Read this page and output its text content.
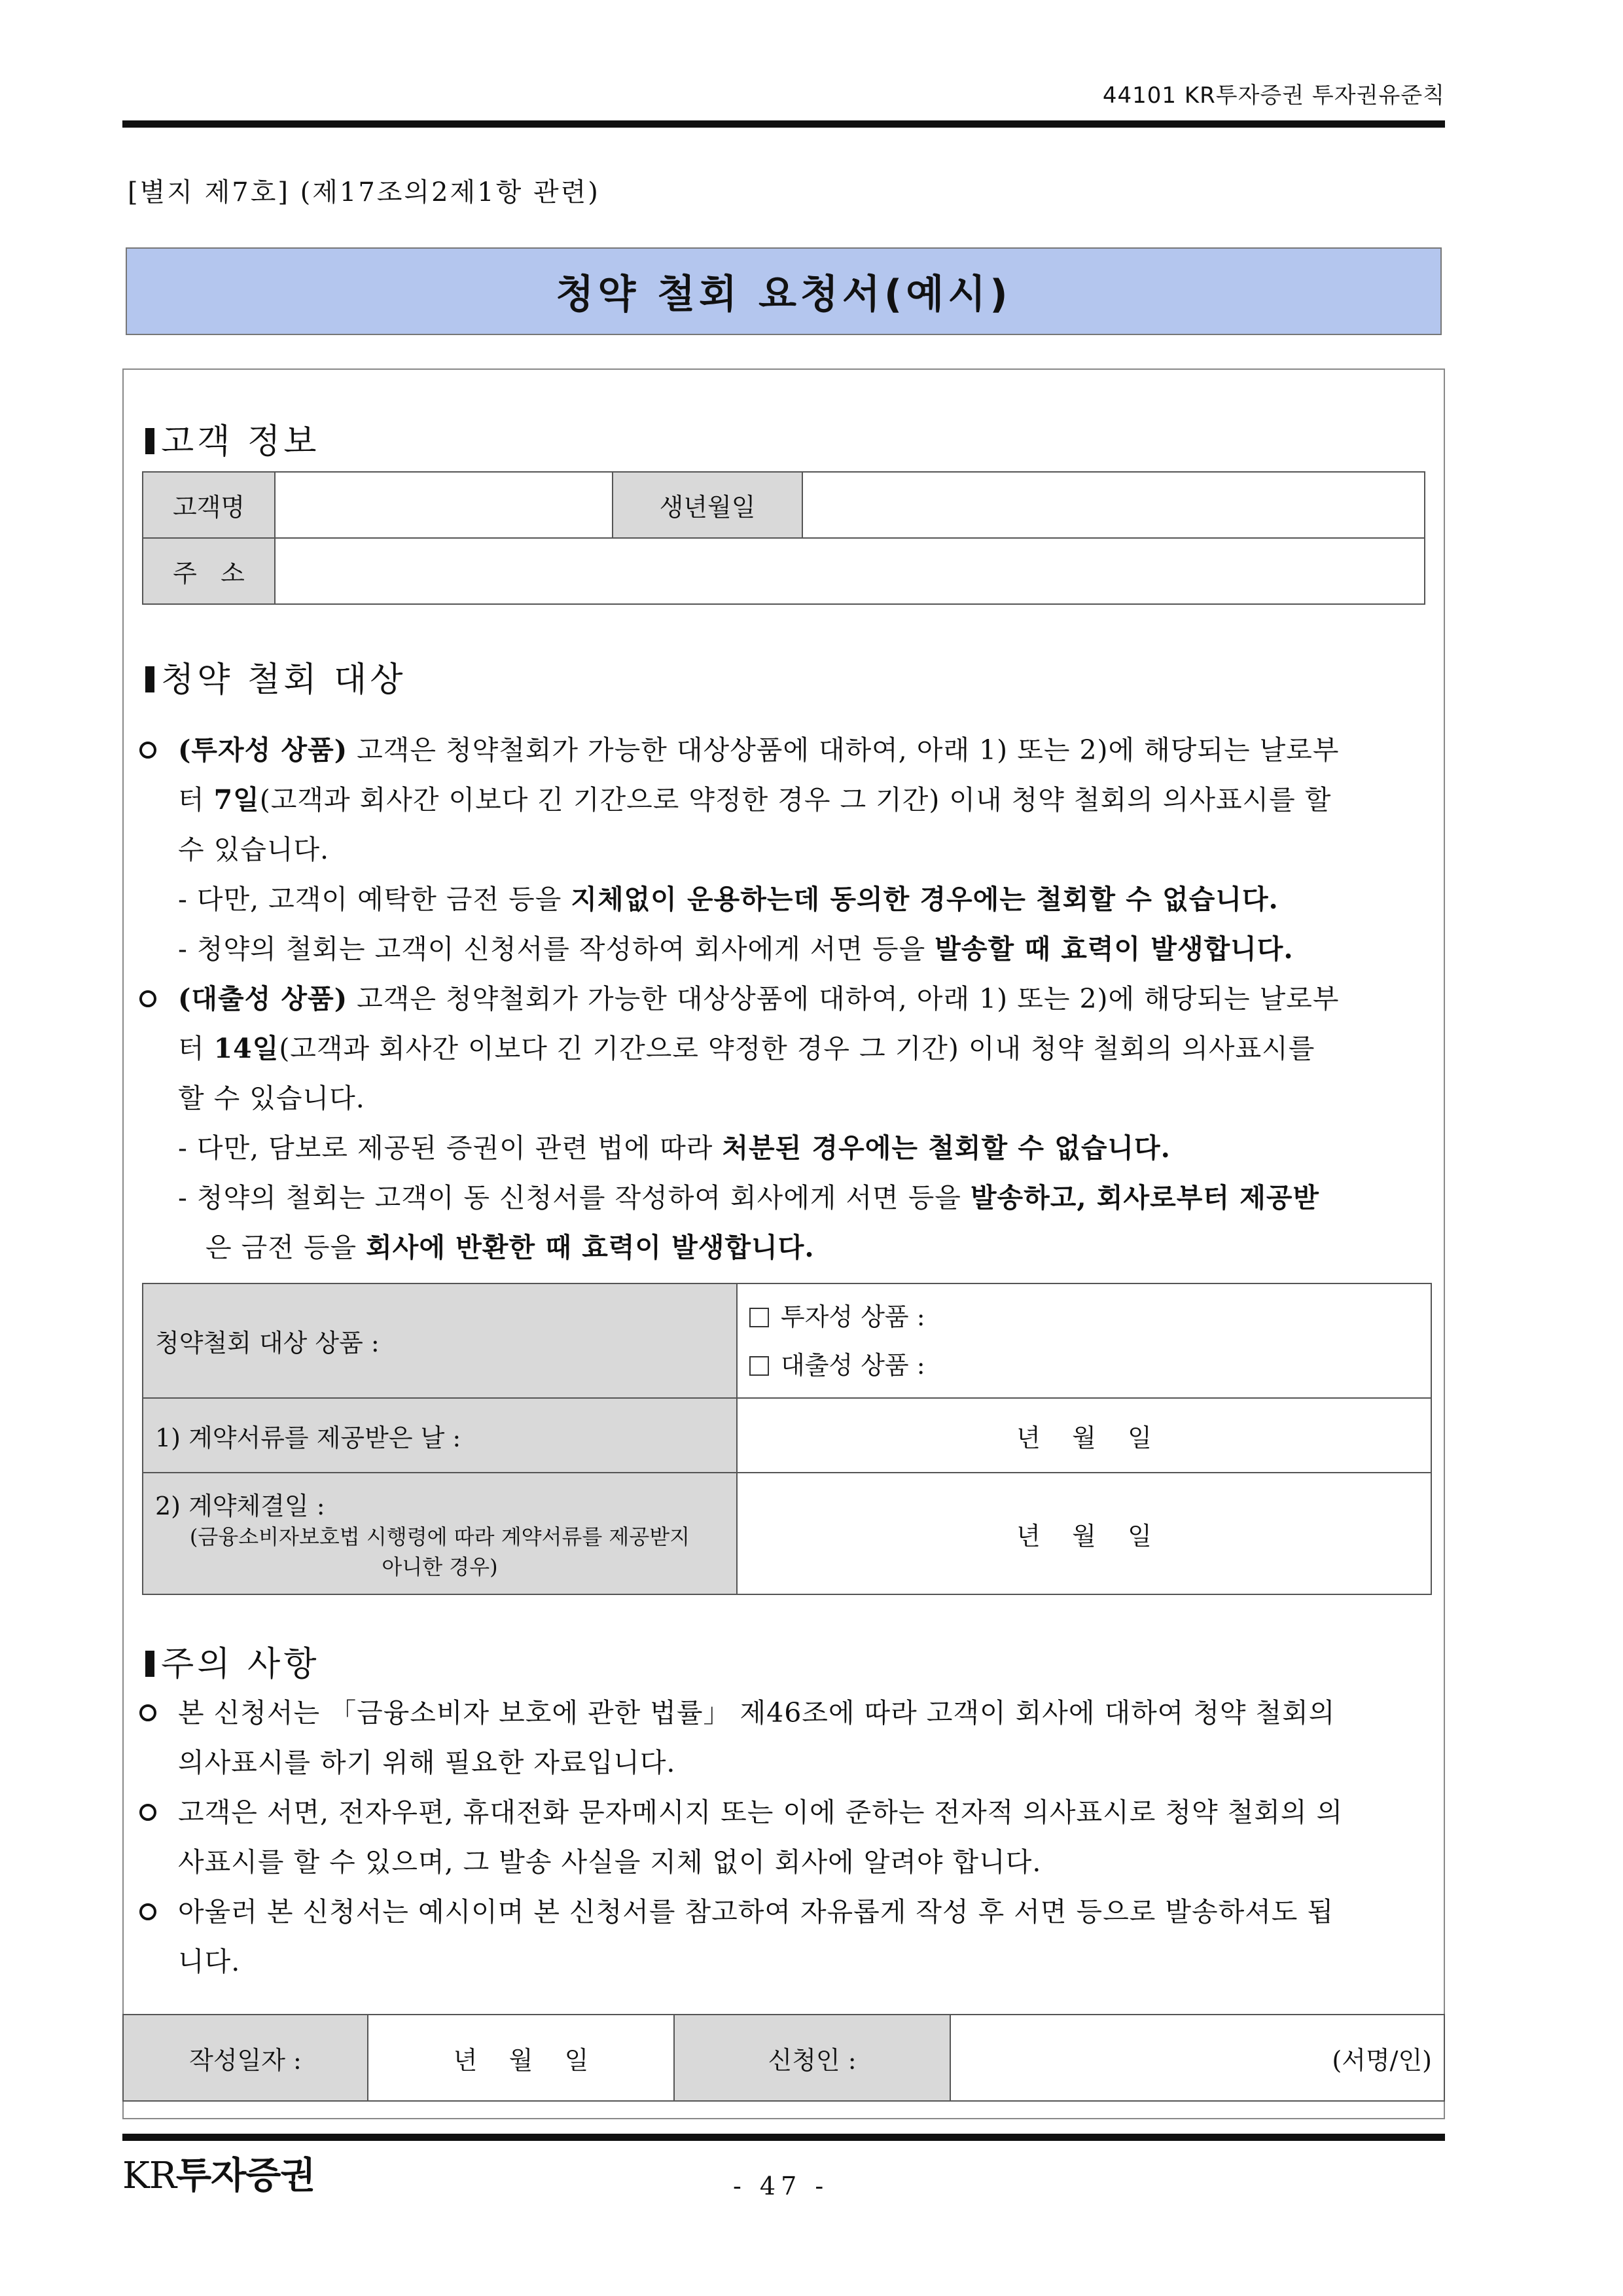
44101 KR투자증권 투자권유준칙
[별지 제7호] (제17조의2제1항 관련)
청약 철회 요청서(예시)
고객 정보
고객명		생년월일	
주   소			
청약 철회 대상
(투자성 상품) 고객은 청약철회가 가능한 대상상품에 대하여, 아래 1) 또는 2)에 해당되는 날로부
터 7일(고객과 회사간 이보다 긴 기간으로 약정한 경우 그 기간) 이내 청약 철회의 의사표시를 할
수 있습니다.
- 다만, 고객이 예탁한 금전 등을 지체없이 운용하는데 동의한 경우에는 철회할 수 없습니다.
- 청약의 철회는 고객이 신청서를 작성하여 회사에게 서면 등을 발송할 때 효력이 발생합니다.
(대출성 상품) 고객은 청약철회가 가능한 대상상품에 대하여, 아래 1) 또는 2)에 해당되는 날로부
터 14일(고객과 회사간 이보다 긴 기간으로 약정한 경우 그 기간) 이내 청약 철회의 의사표시를
할 수 있습니다.
- 다만, 담보로 제공된 증권이 관련 법에 따라 처분된 경우에는 철회할 수 없습니다.
- 청약의 철회는 고객이 동 신청서를 작성하여 회사에게 서면 등을 발송하고, 회사로부터 제공받
은 금전 등을 회사에 반환한 때 효력이 발생합니다.
청약철회 대상 상품 :	투자성 상품 :
대출성 상품 :

1) 계약서류를 제공받은 날 :	년    월    일

2) 계약체결일 :
(금융소비자보호법 시행령에 따라 계약서류를 제공받지
아니한 경우)	년    월    일
주의 사항
본 신청서는 「금융소비자 보호에 관한 법률」 제46조에 따라 고객이 회사에 대하여 청약 철회의
의사표시를 하기 위해 필요한 자료입니다.
고객은 서면, 전자우편, 휴대전화 문자메시지 또는 이에 준하는 전자적 의사표시로 청약 철회의 의
사표시를 할 수 있으며, 그 발송 사실을 지체 없이 회사에 알려야 합니다.
아울러 본 신청서는 예시이며 본 신청서를 참고하여 자유롭게 작성 후 서면 등으로 발송하셔도 됩
니다.
작성일자 :	년    월    일	신청인 :	(서명/인)
KR투자증권	- 47 -
